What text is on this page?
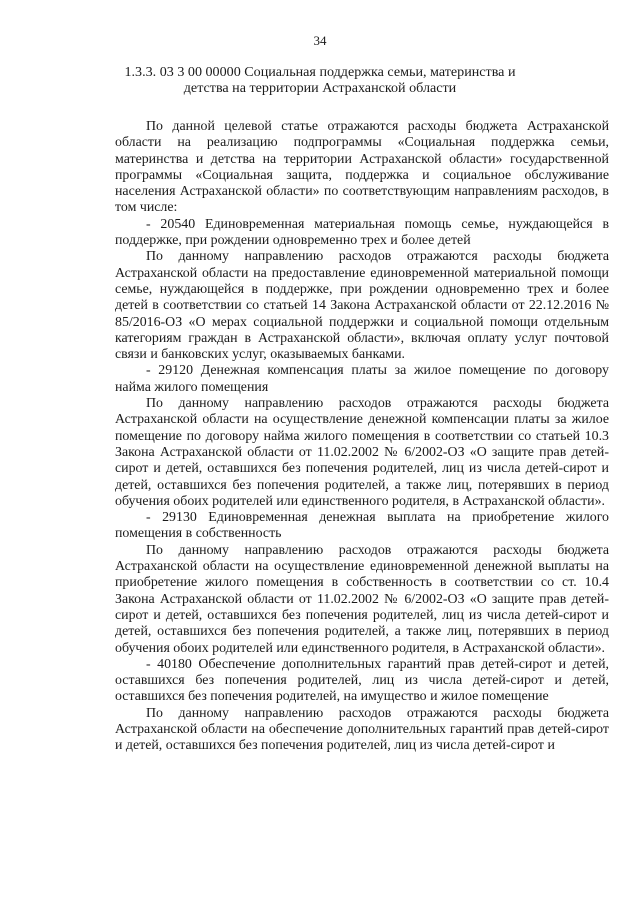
34
1.3.3. 03 3 00 00000 Социальная поддержка семьи, материнства и детства на территории Астраханской области

По данной целевой статье отражаются расходы бюджета Астраханской области на реализацию подпрограммы «Социальная поддержка семьи, материнства и детства на территории Астраханской области» государственной программы «Социальная защита, поддержка и социальное обслуживание населения Астраханской области» по соответствующим направлениям расходов, в том числе:

- 20540 Единовременная материальная помощь семье, нуждающейся в поддержке, при рождении одновременно трех и более детей

По данному направлению расходов отражаются расходы бюджета Астраханской области на предоставление единовременной материальной помощи семье, нуждающейся в поддержке, при рождении одновременно трех и более детей в соответствии со статьей 14 Закона Астраханской области от 22.12.2016 № 85/2016-ОЗ «О мерах социальной поддержки и социальной помощи отдельным категориям граждан в Астраханской области», включая оплату услуг почтовой связи и банковских услуг, оказываемых банками.

- 29120 Денежная компенсация платы за жилое помещение по договору найма жилого помещения

По данному направлению расходов отражаются расходы бюджета Астраханской области на осуществление денежной компенсации платы за жилое помещение по договору найма жилого помещения в соответствии со статьей 10.3 Закона Астраханской области от 11.02.2002 № 6/2002-ОЗ «О защите прав детей-сирот и детей, оставшихся без попечения родителей, лиц из числа детей-сирот и детей, оставшихся без попечения родителей, а также лиц, потерявших в период обучения обоих родителей или единственного родителя, в Астраханской области».

- 29130 Единовременная денежная выплата на приобретение жилого помещения в собственность

По данному направлению расходов отражаются расходы бюджета Астраханской области на осуществление единовременной денежной выплаты на приобретение жилого помещения в собственность в соответствии со ст. 10.4 Закона Астраханской области от 11.02.2002 № 6/2002-ОЗ «О защите прав детей-сирот и детей, оставшихся без попечения родителей, лиц из числа детей-сирот и детей, оставшихся без попечения родителей, а также лиц, потерявших в период обучения обоих родителей или единственного родителя, в Астраханской области».

- 40180 Обеспечение дополнительных гарантий прав детей-сирот и детей, оставшихся без попечения родителей, лиц из числа детей-сирот и детей, оставшихся без попечения родителей, на имущество и жилое помещение

По данному направлению расходов отражаются расходы бюджета Астраханской области на обеспечение дополнительных гарантий прав детей-сирот и детей, оставшихся без попечения родителей, лиц из числа детей-сирот и
